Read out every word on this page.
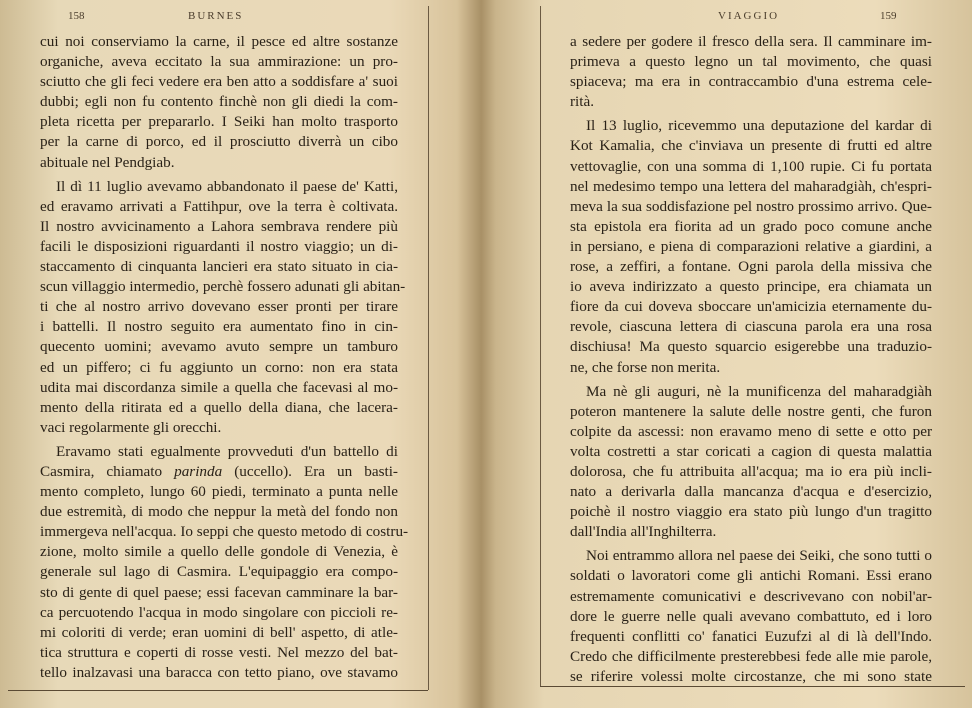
158	BURNES
cui noi conserviamo la carne, il pesce ed altre sostanze
organiche, aveva eccitato la sua ammirazione: un pro-
sciutto che gli feci vedere era ben atto a soddisfare a' suoi
dubbi; egli non fu contento finchè non gli diedi la com-
pleta ricetta per prepararlo. I Seiki han molto trasporto
per la carne di porco, ed il prosciutto diverrà un cibo
abituale nel Pendgiab.
Il dì 11 luglio avevamo abbandonato il paese de' Katti,
ed eravamo arrivati a Fattihpur, ove la terra è coltivata.
Il nostro avvicinamento a Lahora sembrava rendere più
facili le disposizioni riguardanti il nostro viaggio; un di-
staccamento di cinquanta lancieri era stato situato in cia-
scun villaggio intermedio, perchè fossero adunati gli abitan-
ti che al nostro arrivo dovevano esser pronti per tirare
i battelli. Il nostro seguito era aumentato fino in cin-
quecento uomini; avevamo avuto sempre un tamburo
ed un piffero; ci fu aggiunto un corno: non era stata
udita mai discordanza simile a quella che facevasi al mo-
mento della ritirata ed a quello della diana, che lacera-
vaci regolarmente gli orecchi.
Eravamo stati egualmente provveduti d'un battello di
Casmira, chiamato parinda (uccello). Era un basti-
mento completo, lungo 60 piedi, terminato a punta nelle
due estremità, di modo che neppur la metà del fondo non
immergeva nell'acqua. Io seppi che questo metodo di costru-
zione, molto simile a quello delle gondole di Venezia, è
generale sul lago di Casmira. L'equipaggio era compo-
sto di gente di quel paese; essi facevan camminare la bar-
ca percuotendo l'acqua in modo singolare con piccioli re-
mi coloriti di verde; eran uomini di bell' aspetto, di atle-
tica struttura e coperti di rosse vesti. Nel mezzo del bat-
tello inalzavasi una baracca con tetto piano, ove stavamo
VIAGGIO	159
a sedere per godere il fresco della sera. Il camminare im-
primeva a questo legno un tal movimento, che quasi
spiaceva; ma era in contraccambio d'una estrema cele-
rità.
Il 13 luglio, ricevemmo una deputazione del kardar di
Kot Kamalia, che c'inviava un presente di frutti ed altre
vettovaglie, con una somma di 1,100 rupie. Ci fu portata
nel medesimo tempo una lettera del maharadgiàh, ch'espri-
meva la sua soddisfazione pel nostro prossimo arrivo. Que-
sta epistola era fiorita ad un grado poco comune anche
in persiano, e piena di comparazioni relative a giardini, a
rose, a zeffiri, a fontane. Ogni parola della missiva che
io aveva indirizzato a questo principe, era chiamata un
fiore da cui doveva sboccare un'amicizia eternamente du-
revole, ciascuna lettera di ciascuna parola era una rosa
dischiusa! Ma questo squarcio esigerebbe una traduzio-
ne, che forse non merita.
Ma nè gli auguri, nè la munificenza del maharadgiàh
poteron mantenere la salute delle nostre genti, che furon
colpite da ascessi: non eravamo meno di sette e otto per
volta costretti a star coricati a cagion di questa malattia
dolorosa, che fu attribuita all'acqua; ma io era più incli-
nato a derivarla dalla mancanza d'acqua e d'esercizio,
poichè il nostro viaggio era stato più lungo d'un tragitto
dall'India all'Inghilterra.
Noi entrammo allora nel paese dei Seiki, che sono tutti o
soldati o lavoratori come gli antichi Romani. Essi erano
estremamente comunicativi e descrivevano con nobil'ar-
dore le guerre nelle quali avevano combattuto, ed i loro
frequenti conflitti co' fanatici Euzufzi al di là dell'Indo.
Credo che difficilmente presterebbesi fede alle mie parole,
se riferire volessi molte circostanze, che mi sono state
